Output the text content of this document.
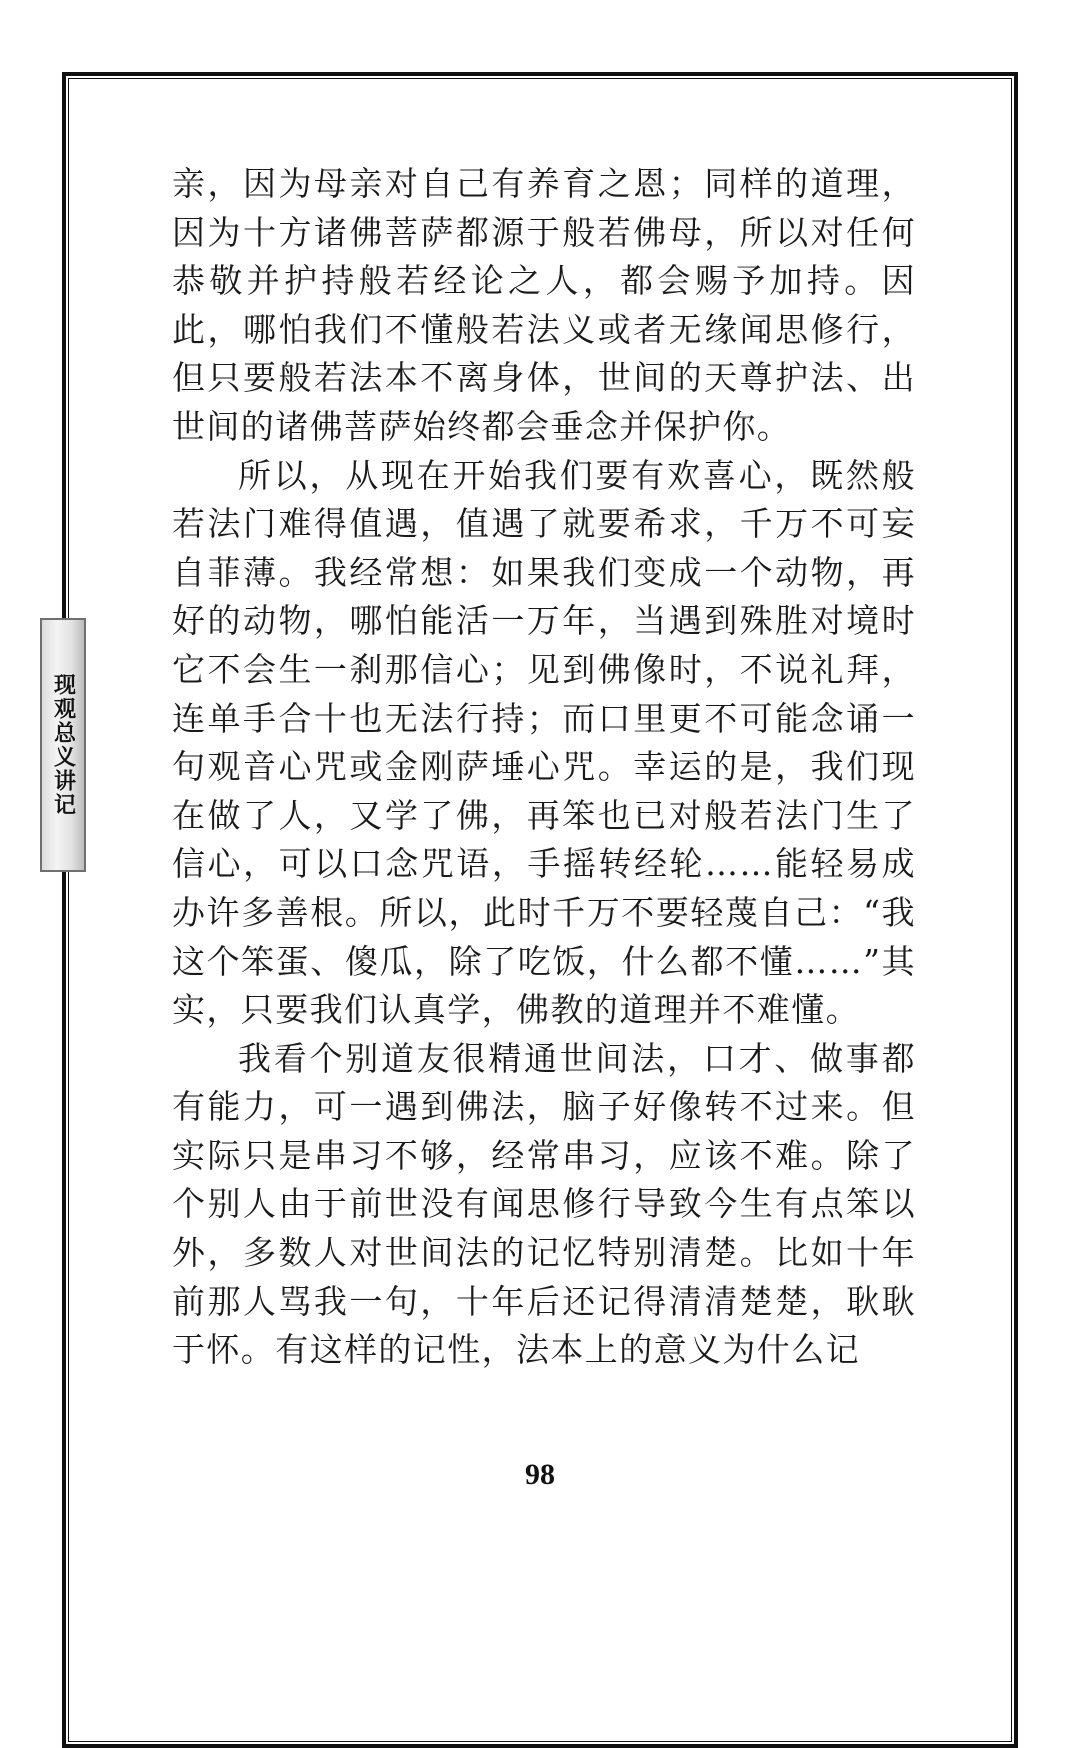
现观总义讲记

亲，因为母亲对自己有养育之恩；同样的道理，因为十方诸佛菩萨都源于般若佛母，所以对任何恭敬并护持般若经论之人，都会赐予加持。因此，哪怕我们不懂般若法义或者无缘闻思修行，但只要般若法本不离身体，世间的天尊护法、出世间的诸佛菩萨始终都会垂念并保护你。

所以，从现在开始我们要有欢喜心，既然般若法门难得值遇，值遇了就要希求，千万不可妄自菲薄。我经常想：如果我们变成一个动物，再好的动物，哪怕能活一万年，当遇到殊胜对境时它不会生一刹那信心；见到佛像时，不说礼拜，连单手合十也无法行持；而口里更不可能念诵一句观音心咒或金刚萨埵心咒。幸运的是，我们现在做了人，又学了佛，再笨也已对般若法门生了信心，可以口念咒语，手摇转经轮……能轻易成办许多善根。所以，此时千万不要轻蔑自己：“我这个笨蛋、傻瓜，除了吃饭，什么都不懂……”其实，只要我们认真学，佛教的道理并不难懂。

我看个别道友很精通世间法，口才、做事都有能力，可一遇到佛法，脑子好像转不过来。但实际只是串习不够，经常串习，应该不难。除了个别人由于前世没有闻思修行导致今生有点笨以外，多数人对世间法的记忆特别清楚。比如十年前那人骂我一句，十年后还记得清清楚楚，耿耿于怀。有这样的记性，法本上的意义为什么记

98
